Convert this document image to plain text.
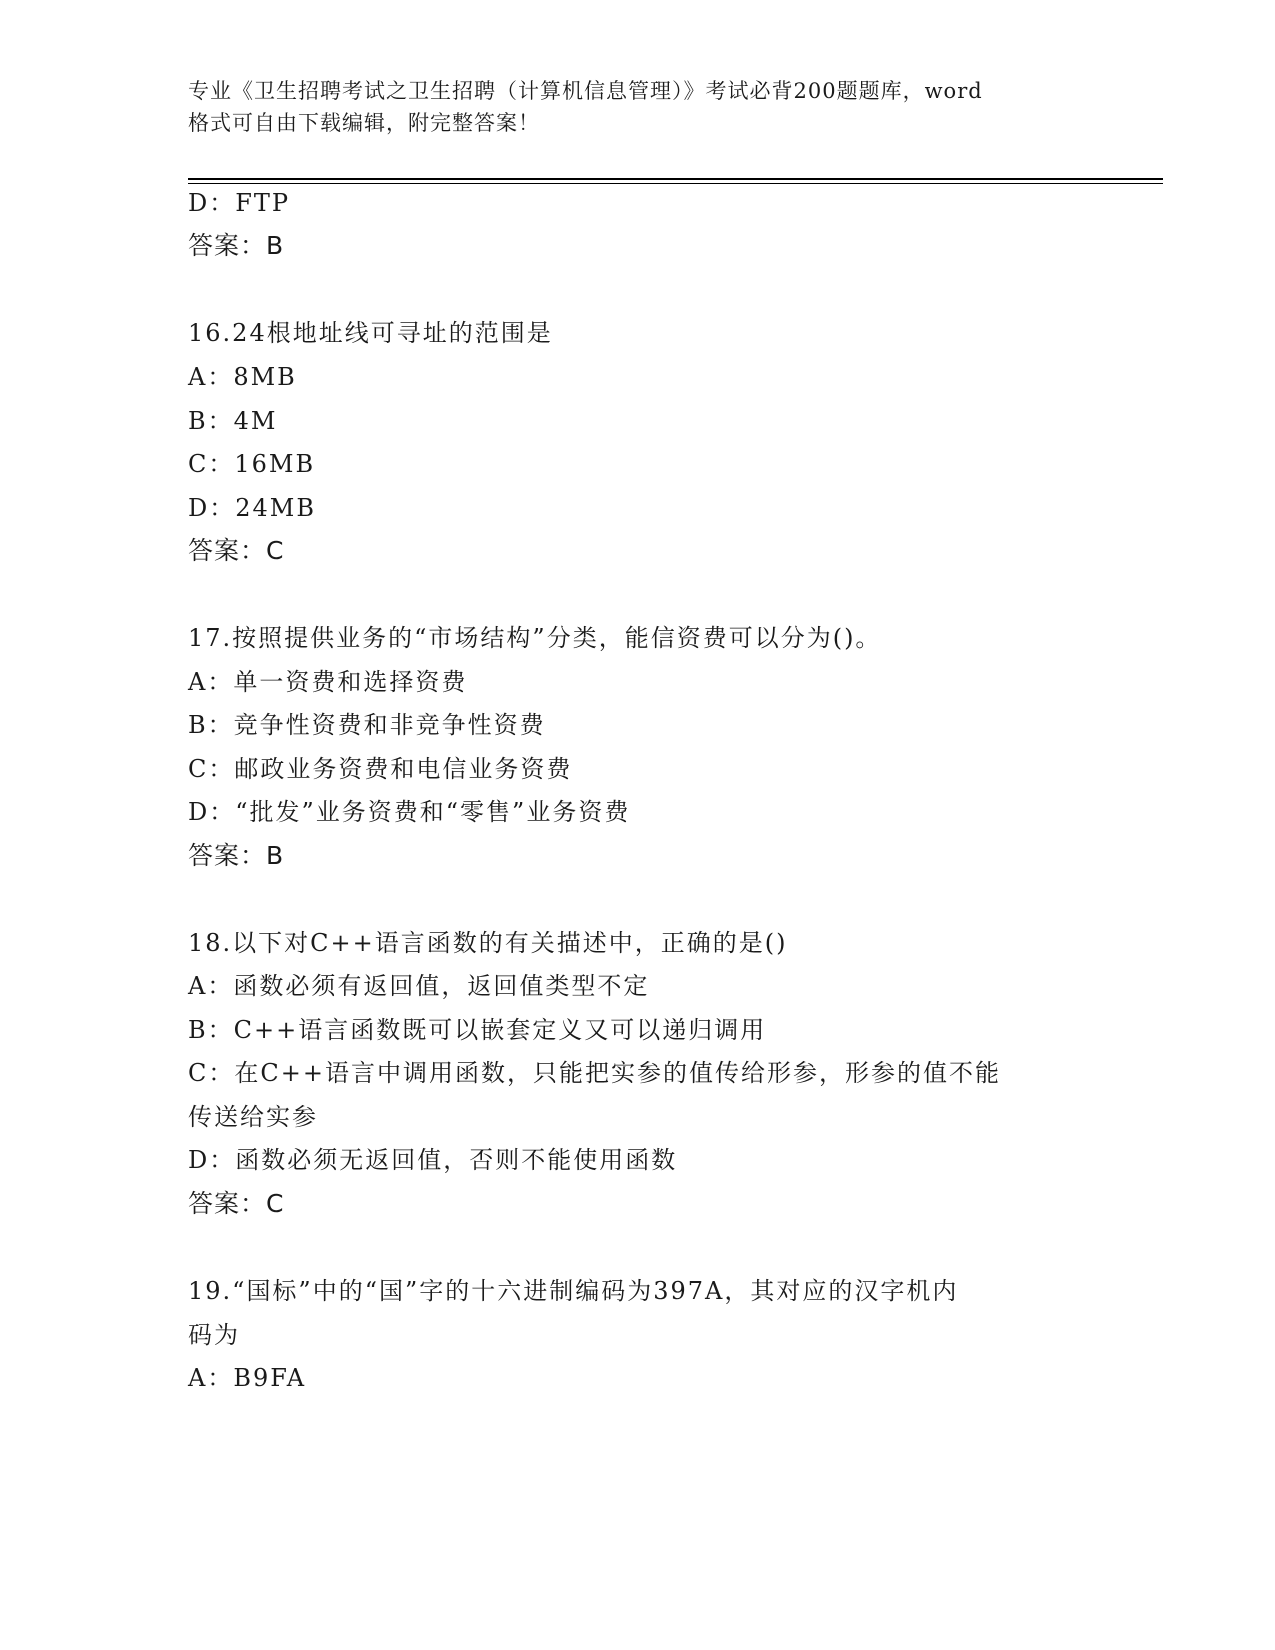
专业《卫生招聘考试之卫生招聘（计算机信息管理）》考试必背200题题库，word
格式可自由下载编辑，附完整答案！
D：FTP
答案：B
16.24根地址线可寻址的范围是
A：8MB
B：4M
C：16MB
D：24MB
答案：C
17.按照提供业务的“市场结构”分类，能信资费可以分为()。
A：单一资费和选择资费
B：竞争性资费和非竞争性资费
C：邮政业务资费和电信业务资费
D：“批发”业务资费和“零售”业务资费
答案：B
18.以下对C++语言函数的有关描述中，正确的是()
A：函数必须有返回值，返回值类型不定
B：C++语言函数既可以嵌套定义又可以递归调用
C：在C++语言中调用函数，只能把实参的值传给形参，形参的值不能
传送给实参
D：函数必须无返回值，否则不能使用函数
答案：C
19.“国标”中的“国”字的十六进制编码为397A，其对应的汉字机内
码为
A：B9FA
